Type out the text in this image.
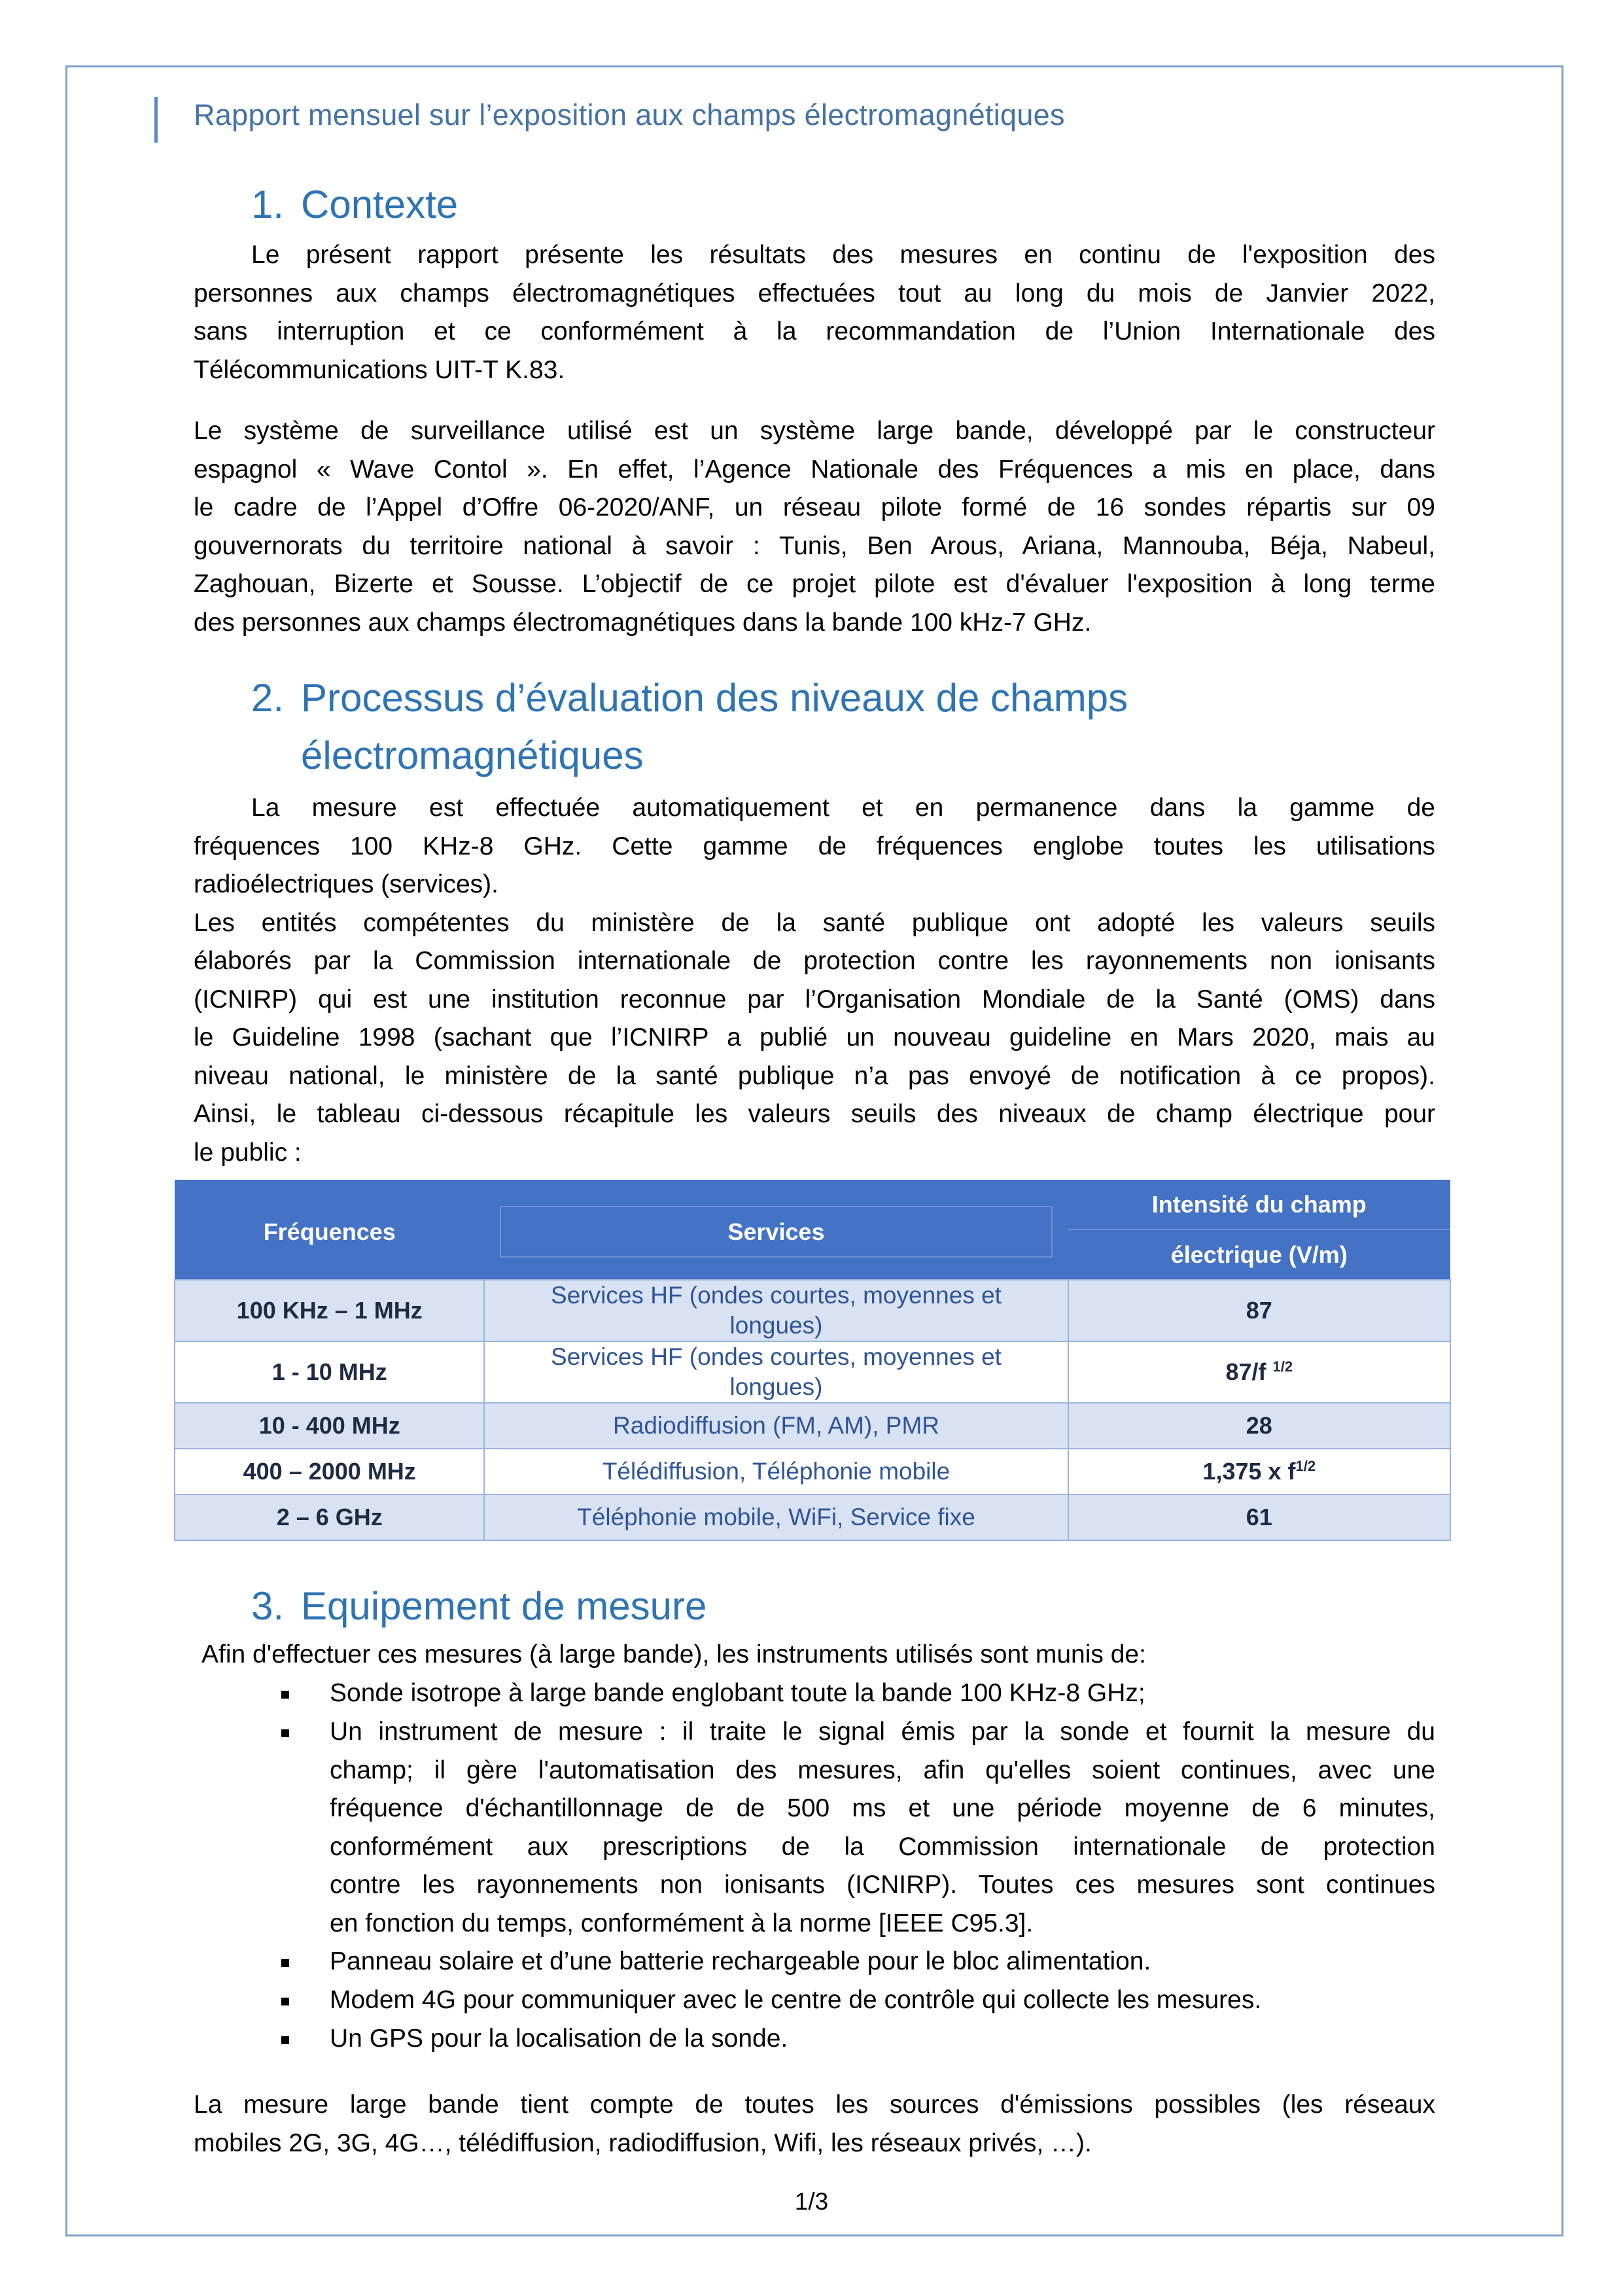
Rapport mensuel sur l’exposition aux champs électromagnétiques
1. Contexte
Le présent rapport présente les résultats des mesures en continu de l'exposition des
personnes aux champs électromagnétiques effectuées tout au long du mois de Janvier 2022,
sans interruption et ce conformément à la recommandation de l’Union Internationale des
Télécommunications UIT-T K.83.
Le système de surveillance utilisé est un système large bande, développé par le constructeur
espagnol « Wave Contol ». En effet, l’Agence Nationale des Fréquences a mis en place, dans
le cadre de l’Appel d’Offre 06-2020/ANF, un réseau pilote formé de 16 sondes répartis sur 09
gouvernorats du territoire national à savoir : Tunis, Ben Arous, Ariana, Mannouba, Béja, Nabeul,
Zaghouan, Bizerte et Sousse. L’objectif de ce projet pilote est d'évaluer l'exposition à long terme
des personnes aux champs électromagnétiques dans la bande 100 kHz-7 GHz.
2. Processus d’évaluation des niveaux de champs
électromagnétiques
La mesure est effectuée automatiquement et en permanence dans la gamme de
fréquences 100 KHz-8 GHz. Cette gamme de fréquences englobe toutes les utilisations
radioélectriques (services).
Les entités compétentes du ministère de la santé publique ont adopté les valeurs seuils
élaborés par la Commission internationale de protection contre les rayonnements non ionisants
(ICNIRP) qui est une institution reconnue par l’Organisation Mondiale de la Santé (OMS) dans
le Guideline 1998 (sachant que l’ICNIRP a publié un nouveau guideline en Mars 2020, mais au
niveau national, le ministère de la santé publique n’a pas envoyé de notification à ce propos).
Ainsi, le tableau ci-dessous récapitule les valeurs seuils des niveaux de champ électrique pour
le public :
Fréquences	Services	Intensité du champ
électrique (V/m)

100 KHz – 1 MHz	Services HF (ondes courtes, moyennes et
longues)	87
1 - 10 MHz	Services HF (ondes courtes, moyennes et
longues)	87/f $^{1/2}$
10 - 400 MHz	Radiodiffusion (FM, AM), PMR	28
400 – 2000 MHz	Télédiffusion, Téléphonie mobile	1,375 x $f^{1/2}$
2 – 6 GHz	Téléphonie mobile, WiFi, Service fixe	61
3. Equipement de mesure
Afin d'effectuer ces mesures (à large bande), les instruments utilisés sont munis de:
Sonde isotrope à large bande englobant toute la bande 100 KHz-8 GHz;
Un instrument de mesure : il traite le signal émis par la sonde et fournit la mesure du
champ; il gère l'automatisation des mesures, afin qu'elles soient continues, avec une
fréquence d'échantillonnage de de 500 ms et une période moyenne de 6 minutes,
conformément aux prescriptions de la Commission internationale de protection
contre les rayonnements non ionisants (ICNIRP). Toutes ces mesures sont continues
en fonction du temps, conformément à la norme [IEEE C95.3].
Panneau solaire et d’une batterie rechargeable pour le bloc alimentation.
Modem 4G pour communiquer avec le centre de contrôle qui collecte les mesures.
Un GPS pour la localisation de la sonde.
La mesure large bande tient compte de toutes les sources d'émissions possibles (les réseaux
mobiles 2G, 3G, 4G…, télédiffusion, radiodiffusion, Wifi, les réseaux privés, …).
1/3
